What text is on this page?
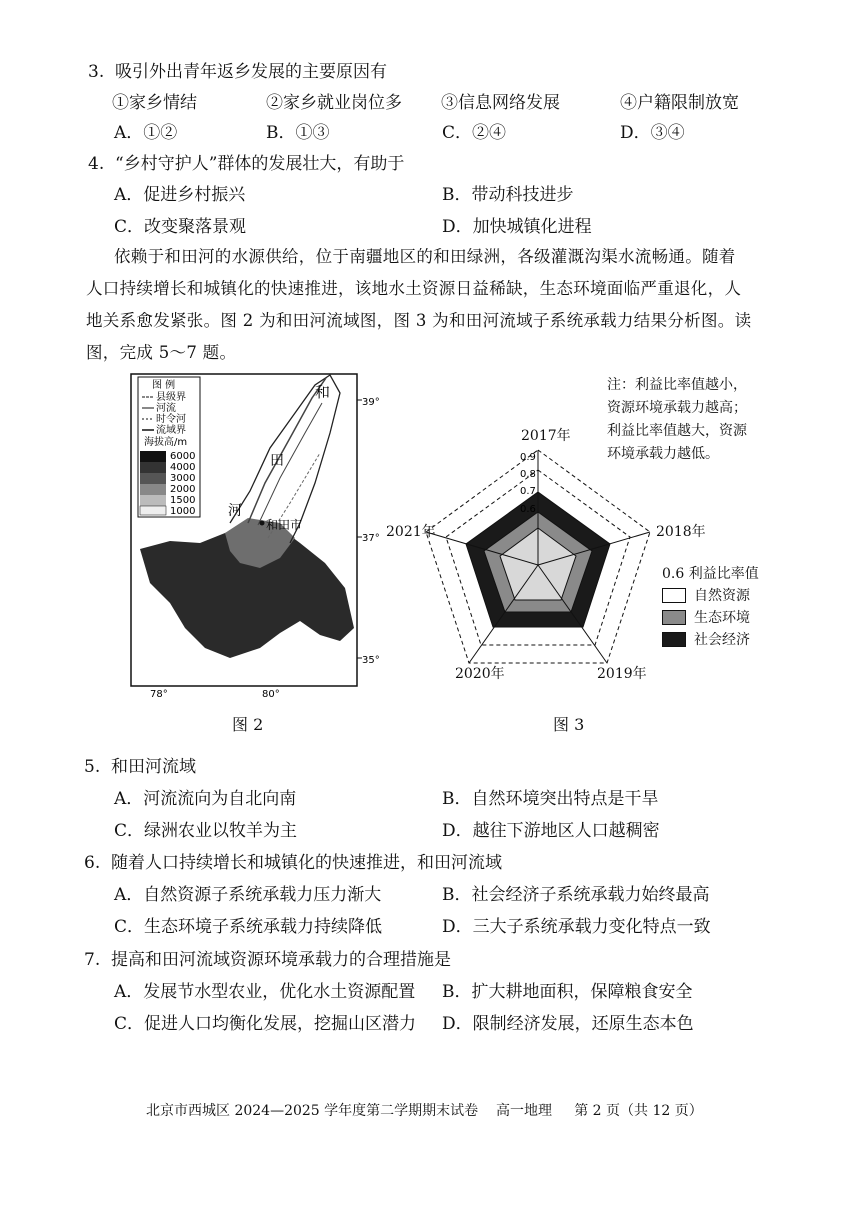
3. 吸引外出青年返乡发展的主要原因有
①家乡情结	②家乡就业岗位多 ③信息网络发展	④户籍限制放宽
A．①②	B．①③	C．②④	D．③④
4. “乡村守护人”群体的发展壮大，有助于
A．促进乡村振兴	B．带动科技进步
C．改变聚落景观	D．加快城镇化进程
依赖于和田河的水源供给，位于南疆地区的和田绿洲，各级灌溉沟渠水流畅通。随着
人口持续增长和城镇化的快速推进，该地水土资源日益稀缺，生态环境面临严重退化，人
地关系愈发紧张。图 2 为和田河流域图，图 3 为和田河流域子系统承载力结果分析图。读
图，完成 5～7 题。
图 例
县级界
河流
时令河
流域界
海拔高/m
6000
4000
3000
2000
1500
1000
和
田
河
和田市
39°
37°
35°
78°	80°
图 2
0.9
0.8
0.7
0.6
2017年
2018年
2019年
2020年
2021年
注：利益比率值越小，
资源环境承载力越高；
利益比率值越大，资源
环境承载力越低。
0.6 利益比率值
自然资源
生态环境
社会经济
图 3
5. 和田河流域
A．河流流向为自北向南	B．自然环境突出特点是干旱
C．绿洲农业以牧羊为主	D．越往下游地区人口越稠密
6. 随着人口持续增长和城镇化的快速推进，和田河流域
A．自然资源子系统承载力压力渐大	B．社会经济子系统承载力始终最高
C．生态环境子系统承载力持续降低	D．三大子系统承载力变化特点一致
7. 提高和田河流域资源环境承载力的合理措施是
A．发展节水型农业，优化水土资源配置 B．扩大耕地面积，保障粮食安全
C．促进人口均衡化发展，挖掘山区潜力 D．限制经济发展，还原生态本色
北京市西城区 2024—2025 学年度第二学期期末试卷    高一地理     第 2 页（共 12 页）
